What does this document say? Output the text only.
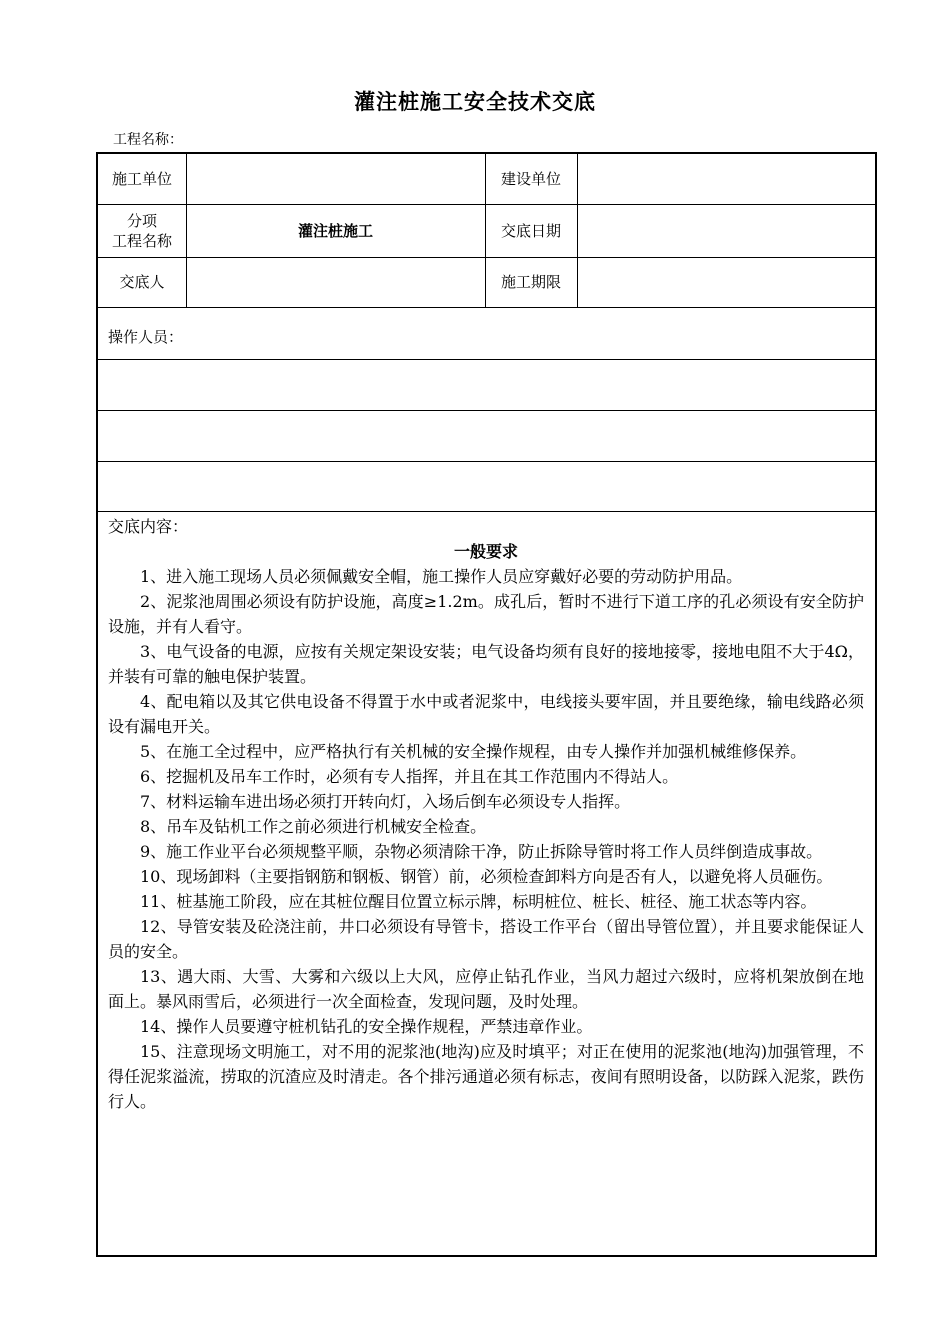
灌注桩施工安全技术交底
工程名称：
施工单位	建设单位
分项
工程名称
灌注桩施工	交底日期
交底人	施工期限
操作人员：
交底内容：
一般要求

1、进入施工现场人员必须佩戴安全帽，施工操作人员应穿戴好必要的劳动防护用品。

2、泥浆池周围必须设有防护设施，高度≥1.2m。成孔后，暂时不进行下道工序的孔必须设有安全防护设施，并有人看守。

3、电气设备的电源，应按有关规定架设安装；电气设备均须有良好的接地接零，接地电阻不大于4Ω，并装有可靠的触电保护装置。

4、配电箱以及其它供电设备不得置于水中或者泥浆中，电线接头要牢固，并且要绝缘，输电线路必须设有漏电开关。

5、在施工全过程中，应严格执行有关机械的安全操作规程，由专人操作并加强机械维修保养。

6、挖掘机及吊车工作时，必须有专人指挥，并且在其工作范围内不得站人。

7、材料运输车进出场必须打开转向灯，入场后倒车必须设专人指挥。

8、吊车及钻机工作之前必须进行机械安全检查。

9、施工作业平台必须规整平顺，杂物必须清除干净，防止拆除导管时将工作人员绊倒造成事故。

10、现场卸料（主要指钢筋和钢板、钢管）前，必须检查卸料方向是否有人，以避免将人员砸伤。

11、桩基施工阶段，应在其桩位醒目位置立标示牌，标明桩位、桩长、桩径、施工状态等内容。

12、导管安装及砼浇注前，井口必须设有导管卡，搭设工作平台（留出导管位置），并且要求能保证人员的安全。

13、遇大雨、大雪、大雾和六级以上大风，应停止钻孔作业，当风力超过六级时，应将机架放倒在地面上。暴风雨雪后，必须进行一次全面检查，发现问题，及时处理。

14、操作人员要遵守桩机钻孔的安全操作规程，严禁违章作业。

15、注意现场文明施工，对不用的泥浆池(地沟)应及时填平；对正在使用的泥浆池(地沟)加强管理，不得任泥浆溢流，捞取的沉渣应及时清走。各个排污通道必须有标志，夜间有照明设备，以防踩入泥浆，跌伤行人。
